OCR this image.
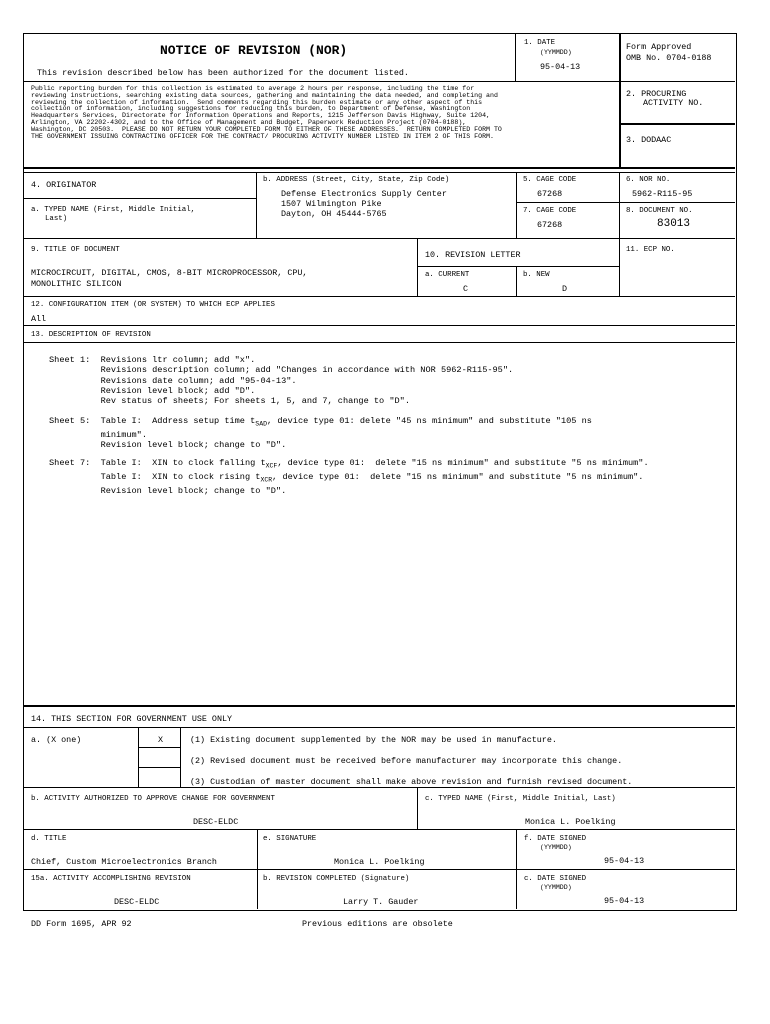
NOTICE OF REVISION (NOR)
This revision described below has been authorized for the document listed.
1. DATE
(YYMMDD)
95-04-13
Form Approved
OMB No. 0704-0188
Public reporting burden for this collection is estimated to average 2 hours per response, including the time for
reviewing instructions, searching existing data sources, gathering and maintaining the data needed, and completing and
reviewing the collection of information.  Send comments regarding this burden estimate or any other aspect of this
collection of information, including suggestions for reducing this burden, to Department of Defense, Washington
Headquarters Services, Directorate for Information Operations and Reports, 1215 Jefferson Davis Highway, Suite 1204,
Arlington, VA 22202-4302, and to the Office of Management and Budget, Paperwork Reduction Project (0704-0188),
Washington, DC 20503.  PLEASE DO NOT RETURN YOUR COMPLETED FORM TO EITHER OF THESE ADDRESSES.  RETURN COMPLETED FORM TO
THE GOVERNMENT ISSUING CONTRACTING OFFICER FOR THE CONTRACT/ PROCURING ACTIVITY NUMBER LISTED IN ITEM 2 OF THIS FORM.
2. PROCURING
ACTIVITY NO.
3. DODAAC
4. ORIGINATOR
a. TYPED NAME (First, Middle Initial,
Last)
b. ADDRESS (Street, City, State, Zip Code)
Defense Electronics Supply Center
1507 Wilmington Pike
Dayton, OH 45444-5765
5. CAGE CODE
67268
6. NOR NO.
5962-R115-95
7. CAGE CODE
67268
8. DOCUMENT NO.
83013
9. TITLE OF DOCUMENT
MICROCIRCUIT, DIGITAL, CMOS, 8-BIT MICROPROCESSOR, CPU,
MONOLITHIC SILICON
10. REVISION LETTER
a. CURRENT
C
b. NEW
D
11. ECP NO.
12. CONFIGURATION ITEM (OR SYSTEM) TO WHICH ECP APPLIES
All
13. DESCRIPTION OF REVISION
Sheet 1:  Revisions ltr column; add "x".
Revisions description column; add "Changes in accordance with NOR 5962-R115-95".
Revisions date column; add "95-04-13".
Revision level block; add "D".
Rev status of sheets; For sheets 1, 5, and 7, change to "D".
Sheet 5:  Table I:  Address setup time $t_{SAD}$, device type 01: delete "45 ns minimum" and substitute "105 ns
minimum".
Revision level block; change to "D".
Sheet 7:  Table I:  XIN to clock falling $t_{XCF}$, device type 01:  delete "15 ns minimum" and substitute "5 ns minimum".
Table I:  XIN to clock rising $t_{XCR}$, device type 01:  delete "15 ns minimum" and substitute "5 ns minimum".
Revision level block; change to "D".
14. THIS SECTION FOR GOVERNMENT USE ONLY
a. (X one)	X	(1) Existing document supplemented by the NOR may be used in manufacture.
(2) Revised document must be received before manufacturer may incorporate this change.
(3) Custodian of master document shall make above revision and furnish revised document.
b. ACTIVITY AUTHORIZED TO APPROVE CHANGE FOR GOVERNMENT
DESC-ELDC
c. TYPED NAME (First, Middle Initial, Last)
Monica L. Poelking
d. TITLE
Chief, Custom Microelectronics Branch
e. SIGNATURE
Monica L. Poelking
f. DATE SIGNED
(YYMMDD)
95-04-13
15a. ACTIVITY ACCOMPLISHING REVISION
DESC-ELDC
b. REVISION COMPLETED (Signature)
Larry T. Gauder
c. DATE SIGNED
(YYMMDD)
95-04-13
DD Form 1695, APR 92	Previous editions are obsolete
